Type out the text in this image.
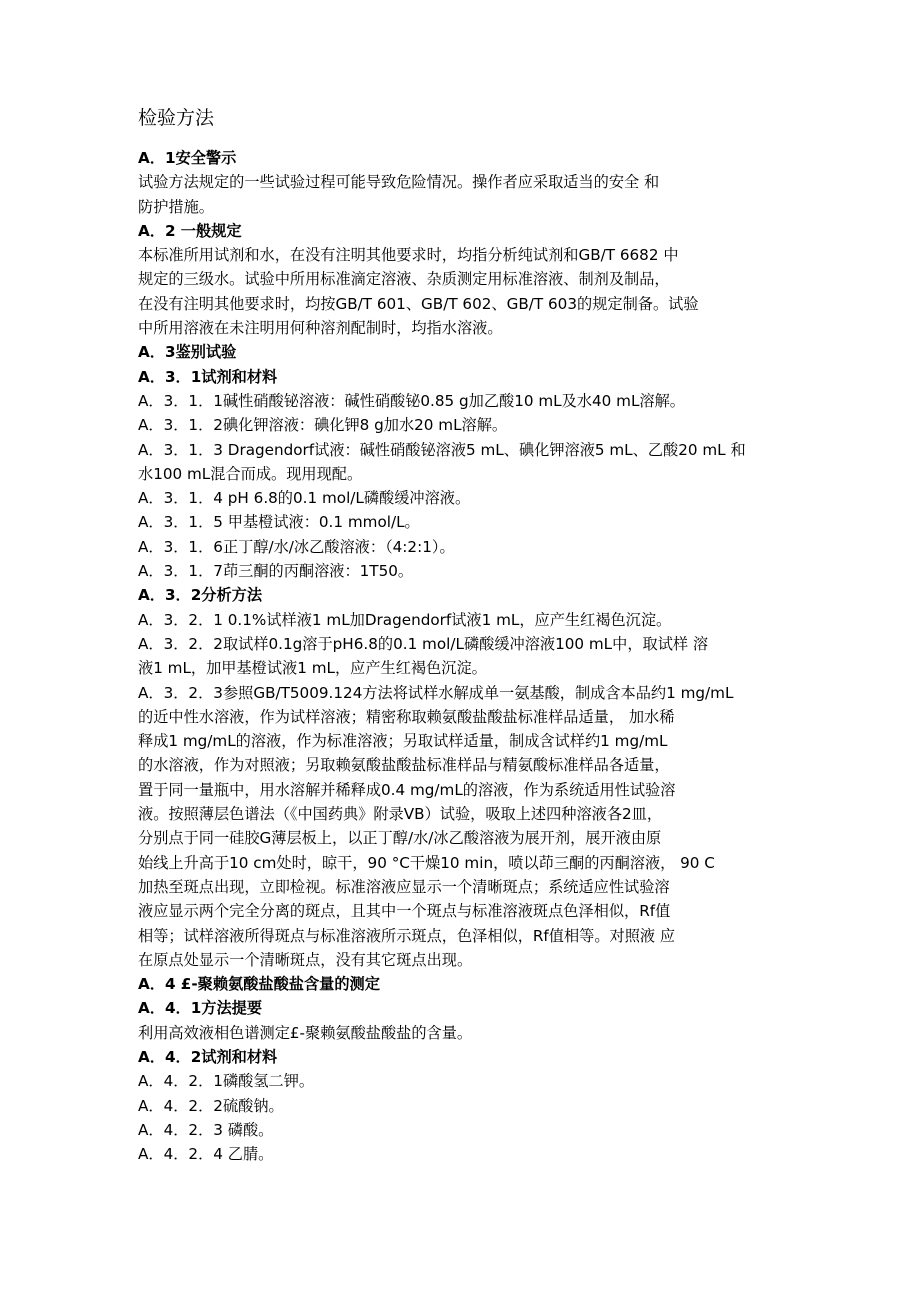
检验方法
A．1安全警示
试验方法规定的一些试验过程可能导致危险情况。操作者应采取适当的安全 和
防护措施。
A．2 一般规定
本标准所用试剂和水，在没有注明其他要求时，均指分析纯试剂和GB/T 6682 中
规定的三级水。试验中所用标准滴定溶液、杂质测定用标准溶液、制剂及制品，
在没有注明其他要求时，均按GB/T 601、GB/T 602、GB/T 603的规定制备。试验
中所用溶液在未注明用何种溶剂配制时，均指水溶液。
A．3鉴别试验
A．3．1试剂和材料
A．3．1．1碱性硝酸铋溶液：碱性硝酸铋0.85 g加乙酸10 mL及水40 mL溶解。
A．3．1．2碘化钾溶液：碘化钾8 g加水20 mL溶解。
A．3．1．3 Dragendorf试液：碱性硝酸铋溶液5 mL、碘化钾溶液5 mL、乙酸20 mL 和
水100 mL混合而成。现用现配。
A．3．1．4 pH 6.8的0.1 mol/L磷酸缓冲溶液。
A．3．1．5 甲基橙试液：0.1 mmol/L。
A．3．1．6正丁醇/水/冰乙酸溶液：（4:2:1）。
A．3．1．7茚三酮的丙酮溶液：1T50。
A．3．2分析方法
A．3．2．1 0.1%试样液1 mL加Dragendorf试液1 mL，应产生红褐色沉淀。
A．3．2．2取试样0.1g溶于pH6.8的0.1 mol/L磷酸缓冲溶液100 mL中，取试样 溶
液1 mL，加甲基橙试液1 mL，应产生红褐色沉淀。
A．3．2．3参照GB/T5009.124方法将试样水解成单一氨基酸，制成含本品约1 mg/mL
的近中性水溶液，作为试样溶液；精密称取赖氨酸盐酸盐标准样品适量， 加水稀
释成1 mg/mL的溶液，作为标准溶液；另取试样适量，制成含试样约1 mg/mL
的水溶液，作为对照液；另取赖氨酸盐酸盐标准样品与精氨酸标准样品各适量，
置于同一量瓶中，用水溶解并稀释成0.4 mg/mL的溶液，作为系统适用性试验溶
液。按照薄层色谱法（《中国药典》附录VB）试验，吸取上述四种溶液各2皿，
分别点于同一硅胶G薄层板上，以正丁醇/水/冰乙酸溶液为展开剂，展开液由原
始线上升高于10 cm处时，晾干，90 °C干燥10 min，喷以茚三酮的丙酮溶液， 90 C
加热至斑点出现，立即检视。标准溶液应显示一个清晰斑点；系统适应性试验溶
液应显示两个完全分离的斑点，且其中一个斑点与标准溶液斑点色泽相似，Rf值
相等；试样溶液所得斑点与标准溶液所示斑点，色泽相似，Rf值相等。对照液 应
在原点处显示一个清晰斑点，没有其它斑点出现。
A．4 £-聚赖氨酸盐酸盐含量的测定
A．4．1方法提要
利用高效液相色谱测定£-聚赖氨酸盐酸盐的含量。
A．4．2试剂和材料
A．4．2．1磷酸氢二钾。
A．4．2．2硫酸钠。
A．4．2．3 磷酸。
A．4．2．4 乙腈。
